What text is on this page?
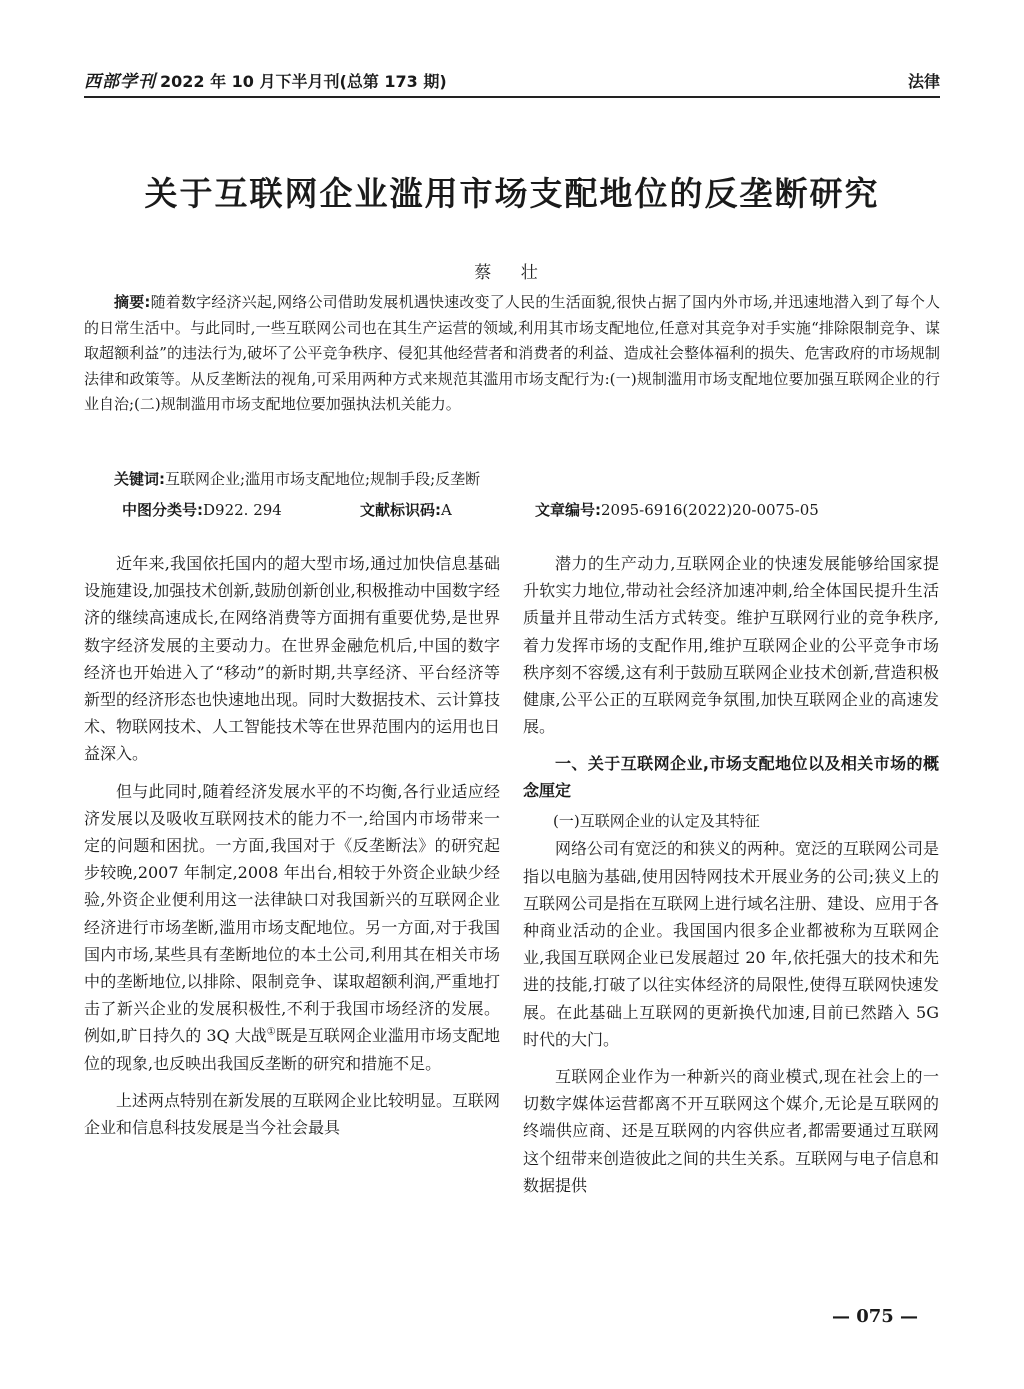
西部学刊 2022 年 10 月下半月刊(总第 173 期)	法律
关于互联网企业滥用市场支配地位的反垄断研究
蔡 壮
摘要:随着数字经济兴起,网络公司借助发展机遇快速改变了人民的生活面貌,很快占据了国内外市场,并迅速地潜入到了每个人的日常生活中。与此同时,一些互联网公司也在其生产运营的领域,利用其市场支配地位,任意对其竞争对手实施“排除限制竞争、谋取超额利益”的违法行为,破坏了公平竞争秩序、侵犯其他经营者和消费者的利益、造成社会整体福利的损失、危害政府的市场规制法律和政策等。从反垄断法的视角,可采用两种方式来规范其滥用市场支配行为:(一)规制滥用市场支配地位要加强互联网企业的行业自治;(二)规制滥用市场支配地位要加强执法机关能力。
关键词:互联网企业;滥用市场支配地位;规制手段;反垄断
中图分类号:D922. 294	文献标识码:A	文章编号:2095-6916(2022)20-0075-05

近年来,我国依托国内的超大型市场,通过加快信息基础设施建设,加强技术创新,鼓励创新创业,积极推动中国数字经济的继续高速成长,在网络消费等方面拥有重要优势,是世界数字经济发展的主要动力。在世界金融危机后,中国的数字经济也开始进入了“移动”的新时期,共享经济、平台经济等新型的经济形态也快速地出现。同时大数据技术、云计算技术、物联网技术、人工智能技术等在世界范围内的运用也日益深入。

但与此同时,随着经济发展水平的不均衡,各行业适应经济发展以及吸收互联网技术的能力不一,给国内市场带来一定的问题和困扰。一方面,我国对于《反垄断法》的研究起步较晚,2007 年制定,2008 年出台,相较于外资企业缺少经验,外资企业便利用这一法律缺口对我国新兴的互联网企业经济进行市场垄断,滥用市场支配地位。另一方面,对于我国国内市场,某些具有垄断地位的本土公司,利用其在相关市场中的垄断地位,以排除、限制竞争、谋取超额利润,严重地打击了新兴企业的发展积极性,不利于我国市场经济的发展。例如,旷日持久的 3Q 大战①既是互联网企业滥用市场支配地位的现象,也反映出我国反垄断的研究和措施不足。

上述两点特别在新发展的互联网企业比较明显。互联网企业和信息科技发展是当今社会最具

潜力的生产动力,互联网企业的快速发展能够给国家提升软实力地位,带动社会经济加速冲刺,给全体国民提升生活质量并且带动生活方式转变。维护互联网行业的竞争秩序,着力发挥市场的支配作用,维护互联网企业的公平竞争市场秩序刻不容缓,这有利于鼓励互联网企业技术创新,营造积极健康,公平公正的互联网竞争氛围,加快互联网企业的高速发展。

一、关于互联网企业,市场支配地位以及相关市场的概念厘定
(一)互联网企业的认定及其特征

网络公司有宽泛的和狭义的两种。宽泛的互联网公司是指以电脑为基础,使用因特网技术开展业务的公司;狭义上的互联网公司是指在互联网上进行域名注册、建设、应用于各种商业活动的企业。我国国内很多企业都被称为互联网企业,我国互联网企业已发展超过 20 年,依托强大的技术和先进的技能,打破了以往实体经济的局限性,使得互联网快速发展。在此基础上互联网的更新换代加速,目前已然踏入 5G 时代的大门。

互联网企业作为一种新兴的商业模式,现在社会上的一切数字媒体运营都离不开互联网这个媒介,无论是互联网的终端供应商、还是互联网的内容供应者,都需要通过互联网这个纽带来创造彼此之间的共生关系。互联网与电子信息和数据提供

— 075 —
